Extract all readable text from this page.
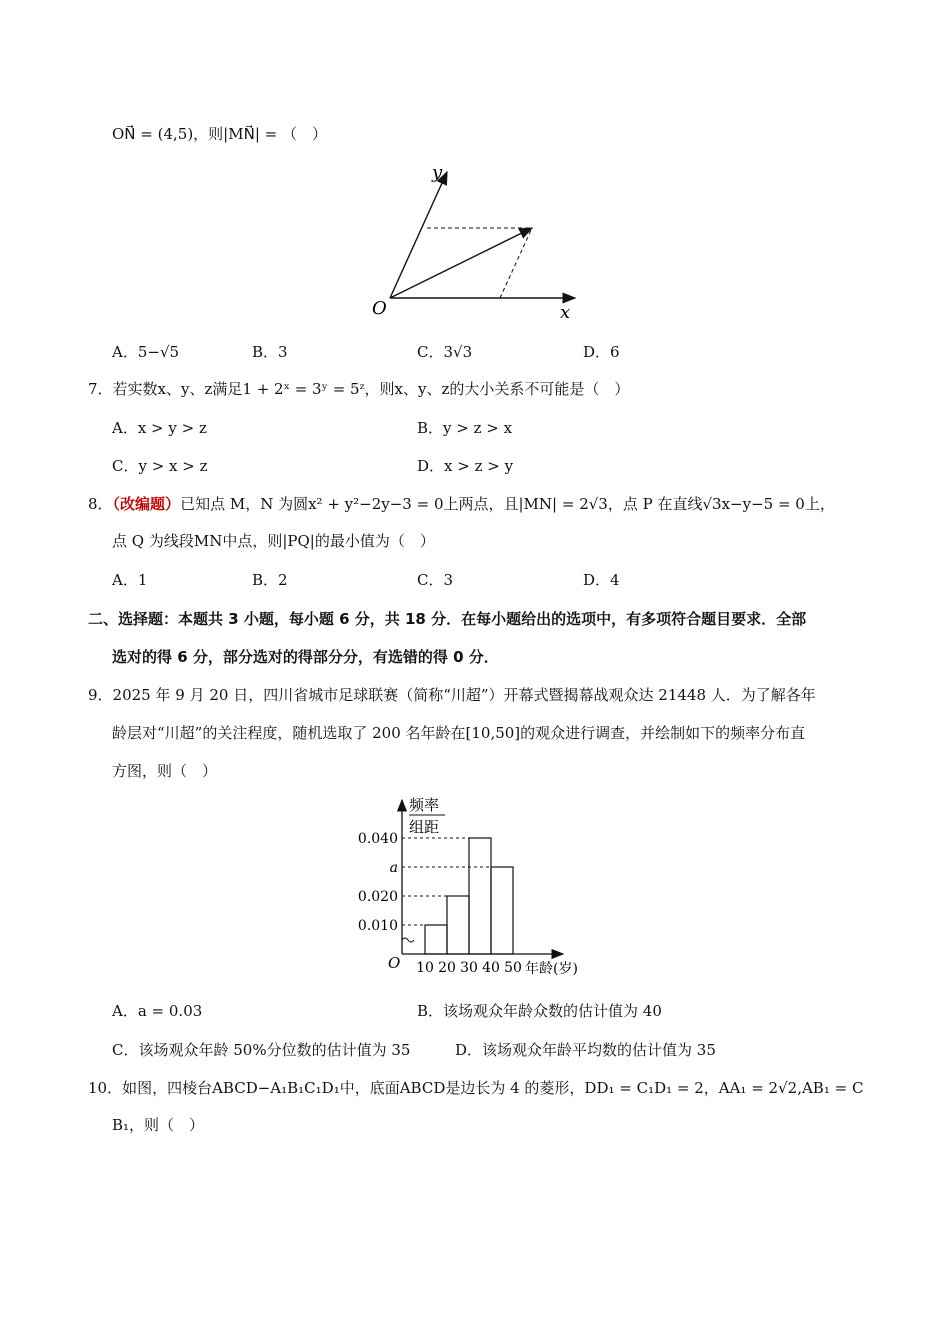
ON⃗ = (4,5)，则|MN⃗| = （　）
y
O	x
A．5−√5	B．3	C．3√3	D．6
7．若实数x、y、z满足1 + 2ˣ = 3ʸ = 5ᶻ，则x、y、z的大小关系不可能是（　）
A．x > y > z	B．y > z > x
C．y > x > z	D．x > z > y
8．（改编题）已知点 M，N 为圆x² + y²−2y−3 = 0上两点，且|MN| = 2√3，点 P 在直线√3x−y−5 = 0上，
点 Q 为线段MN中点，则|PQ|的最小值为（　）
A．1	B．2	C．3	D．4
二、选择题：本题共 3 小题，每小题 6 分，共 18 分．在每小题给出的选项中，有多项符合题目要求．全部
选对的得 6 分，部分选对的得部分分，有选错的得 0 分．
9．2025 年 9 月 20 日，四川省城市足球联赛（简称“川超”）开幕式暨揭幕战观众达 21448 人．为了解各年
龄层对“川超”的关注程度，随机选取了 200 名年龄在[10,50]的观众进行调查，并绘制如下的频率分布直
方图，则（　）
频率
组距
O	年龄(岁)
0.040
a
0.020
0.010
10 20 30 40 50
A．a = 0.03	B．该场观众年龄众数的估计值为 40
C．该场观众年龄 50%分位数的估计值为 35	D．该场观众年龄平均数的估计值为 35
10．如图，四棱台ABCD−A₁B₁C₁D₁中，底面ABCD是边长为 4 的菱形，DD₁ = C₁D₁ = 2，AA₁ = 2√2,AB₁ = C
B₁，则（　）
